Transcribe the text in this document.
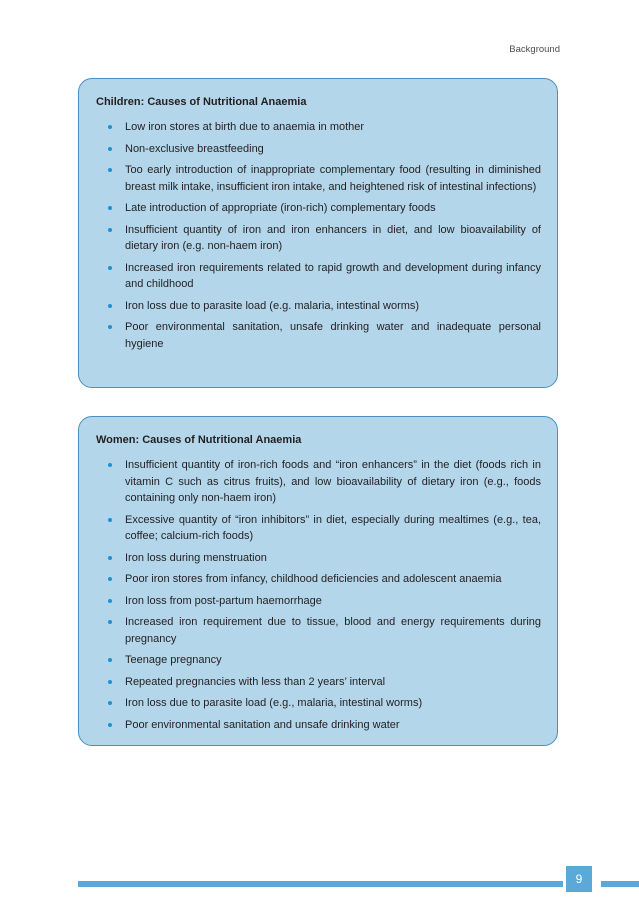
Background
Children: Causes of Nutritional Anaemia
Low iron stores at birth due to anaemia in mother
Non-exclusive breastfeeding
Too early introduction of inappropriate complementary food (resulting in diminished breast milk intake, insufficient iron intake, and heightened risk of intestinal infections)
Late introduction of appropriate (iron-rich) complementary foods
Insufficient quantity of iron and iron enhancers in diet, and low bioavailability of dietary iron (e.g. non-haem iron)
Increased iron requirements related to rapid growth and development during infancy and childhood
Iron loss due to parasite load (e.g. malaria, intestinal worms)
Poor environmental sanitation, unsafe drinking water and inadequate personal hygiene
Women: Causes of Nutritional Anaemia
Insufficient quantity of iron-rich foods and “iron enhancers” in the diet (foods rich in vitamin C such as citrus fruits), and low bioavailability of dietary iron (e.g., foods containing only non-haem iron)
Excessive quantity of “iron inhibitors” in diet, especially during mealtimes (e.g., tea, coffee; calcium-rich foods)
Iron loss during menstruation
Poor iron stores from infancy, childhood deficiencies and adolescent anaemia
Iron loss from post-partum haemorrhage
Increased iron requirement due to tissue, blood and energy requirements during pregnancy
Teenage pregnancy
Repeated pregnancies with less than 2 years’ interval
Iron loss due to parasite load (e.g., malaria, intestinal worms)
Poor environmental sanitation and unsafe drinking water
9
